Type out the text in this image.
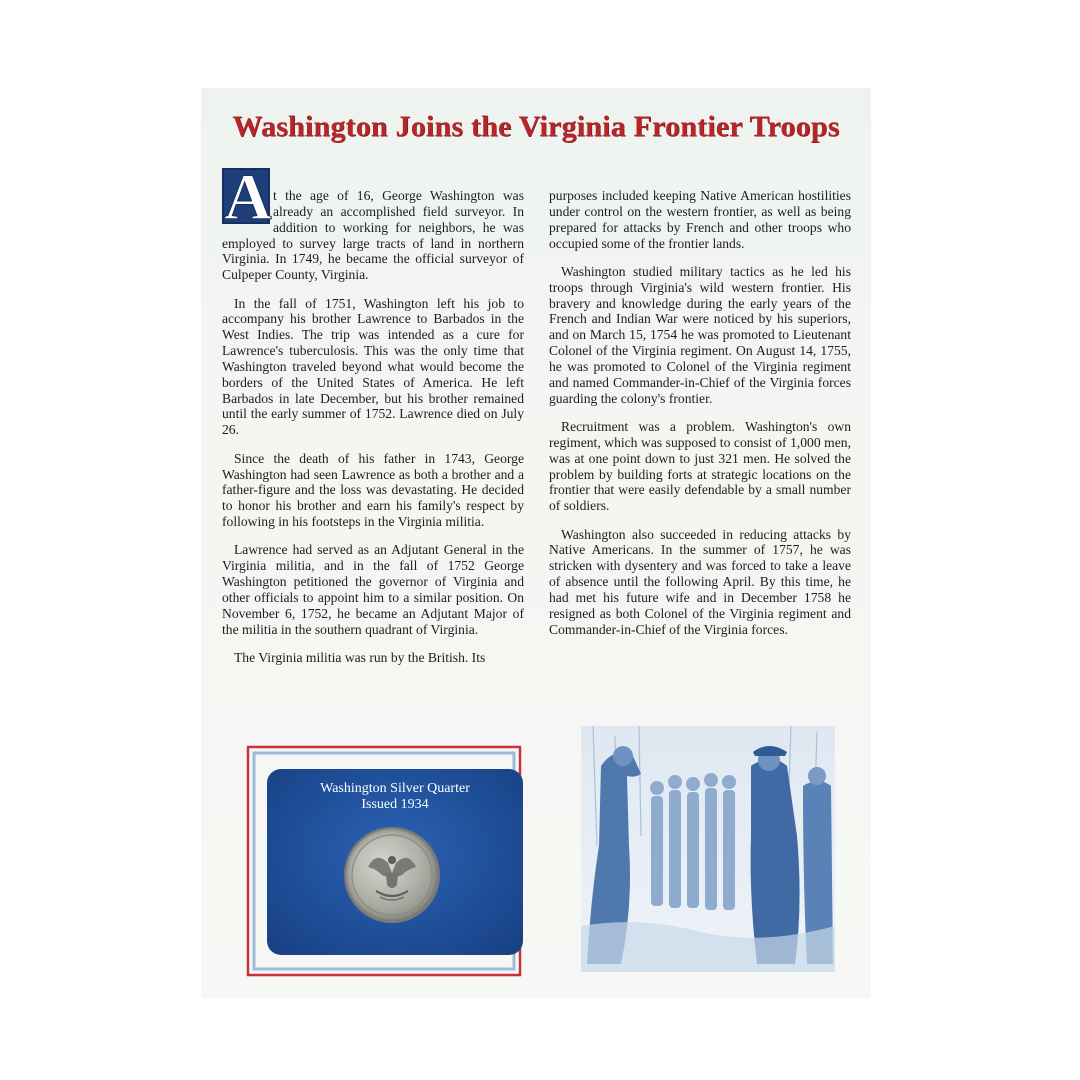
Washington Joins the Virginia Frontier Troops

A t the age of 16, George Washington was already an accomplished field surveyor. In addition to working for neighbors, he was employed to survey large tracts of land in northern Virginia. In 1749, he became the official surveyor of Culpeper County, Virginia.

In the fall of 1751, Washington left his job to accompany his brother Lawrence to Barbados in the West Indies. The trip was intended as a cure for Lawrence's tuberculosis. This was the only time that Washington traveled beyond what would become the borders of the United States of America. He left Barbados in late December, but his brother remained until the early summer of 1752. Lawrence died on July 26.

Since the death of his father in 1743, George Washington had seen Lawrence as both a brother and a father-figure and the loss was devastating. He decided to honor his brother and earn his family's respect by following in his footsteps in the Virginia militia.

Lawrence had served as an Adjutant General in the Virginia militia, and in the fall of 1752 George Washington petitioned the governor of Virginia and other officials to appoint him to a similar position. On November 6, 1752, he became an Adjutant Major of the militia in the southern quadrant of Virginia.

The Virginia militia was run by the British. Its

purposes included keeping Native American hostilities under control on the western frontier, as well as being prepared for attacks by French and other troops who occupied some of the frontier lands.

Washington studied military tactics as he led his troops through Virginia's wild western frontier. His bravery and knowledge during the early years of the French and Indian War were noticed by his superiors, and on March 15, 1754 he was promoted to Lieutenant Colonel of the Virginia regiment. On August 14, 1755, he was promoted to Colonel of the Virginia regiment and named Commander-in-Chief of the Virginia forces guarding the colony's frontier.

Recruitment was a problem. Washington's own regiment, which was supposed to consist of 1,000 men, was at one point down to just 321 men. He solved the problem by building forts at strategic locations on the frontier that were easily defendable by a small number of soldiers.

Washington also succeeded in reducing attacks by Native Americans. In the summer of 1757, he was stricken with dysentery and was forced to take a leave of absence until the following April. By this time, he had met his future wife and in December 1758 he resigned as both Colonel of the Virginia regiment and Commander-in-Chief of the Virginia forces.

Washington Silver Quarter
Issued 1934
